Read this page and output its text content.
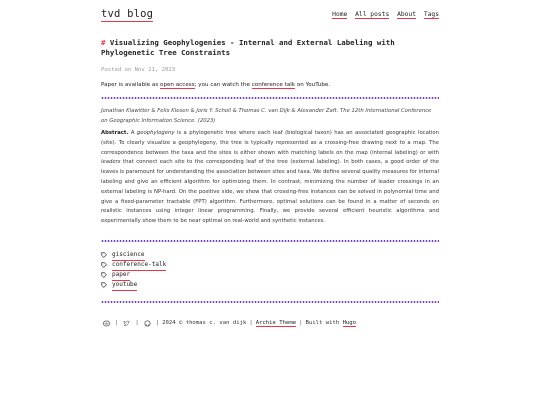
tvd blog	Home All posts About Tags
# Visualizing Geophylogenies - Internal and External Labeling with Phylogenetic Tree Constraints
Posted on Nov 21, 2023
Paper is available as open access; you can watch the conference talk on YouTube.
Jonathan Klawitter & Felix Klesen & Joris Y. Scholl & Thomas C. van Dijk & Alexander Zaft. The 12th International Conference on Geographic Information Science. (2023)
Abstract. A geophylogeny is a phylogenetic tree where each leaf (biological taxon) has an associated geographic location (site). To clearly visualize a geophylogeny, the tree is typically represented as a crossing-free drawing next to a map. The correspondence between the taxa and the sites is either shown with matching labels on the map (internal labeling) or with leaders that connect each site to the corresponding leaf of the tree (external labeling). In both cases, a good order of the leaves is paramount for understanding the association between sites and taxa. We define several quality measures for internal labeling and give an efficient algorithm for optimizing them. In contrast, minimizing the number of leader crossings in an external labeling is NP-hard. On the positive side, we show that crossing-free instances can be solved in polynomial time and give a fixed-parameter tractable (FPT) algorithm. Furthermore, optimal solutions can be found in a matter of seconds on realistic instances using integer linear programming. Finally, we provide several efficient heuristic algorithms and experimentally show them to be near optimal on real-world and synthetic instances.
giscience
conference-talk
paper
youtube
|	|	| 2024 © thomas c. van dijk | Archie Theme | Built with
Hugo
